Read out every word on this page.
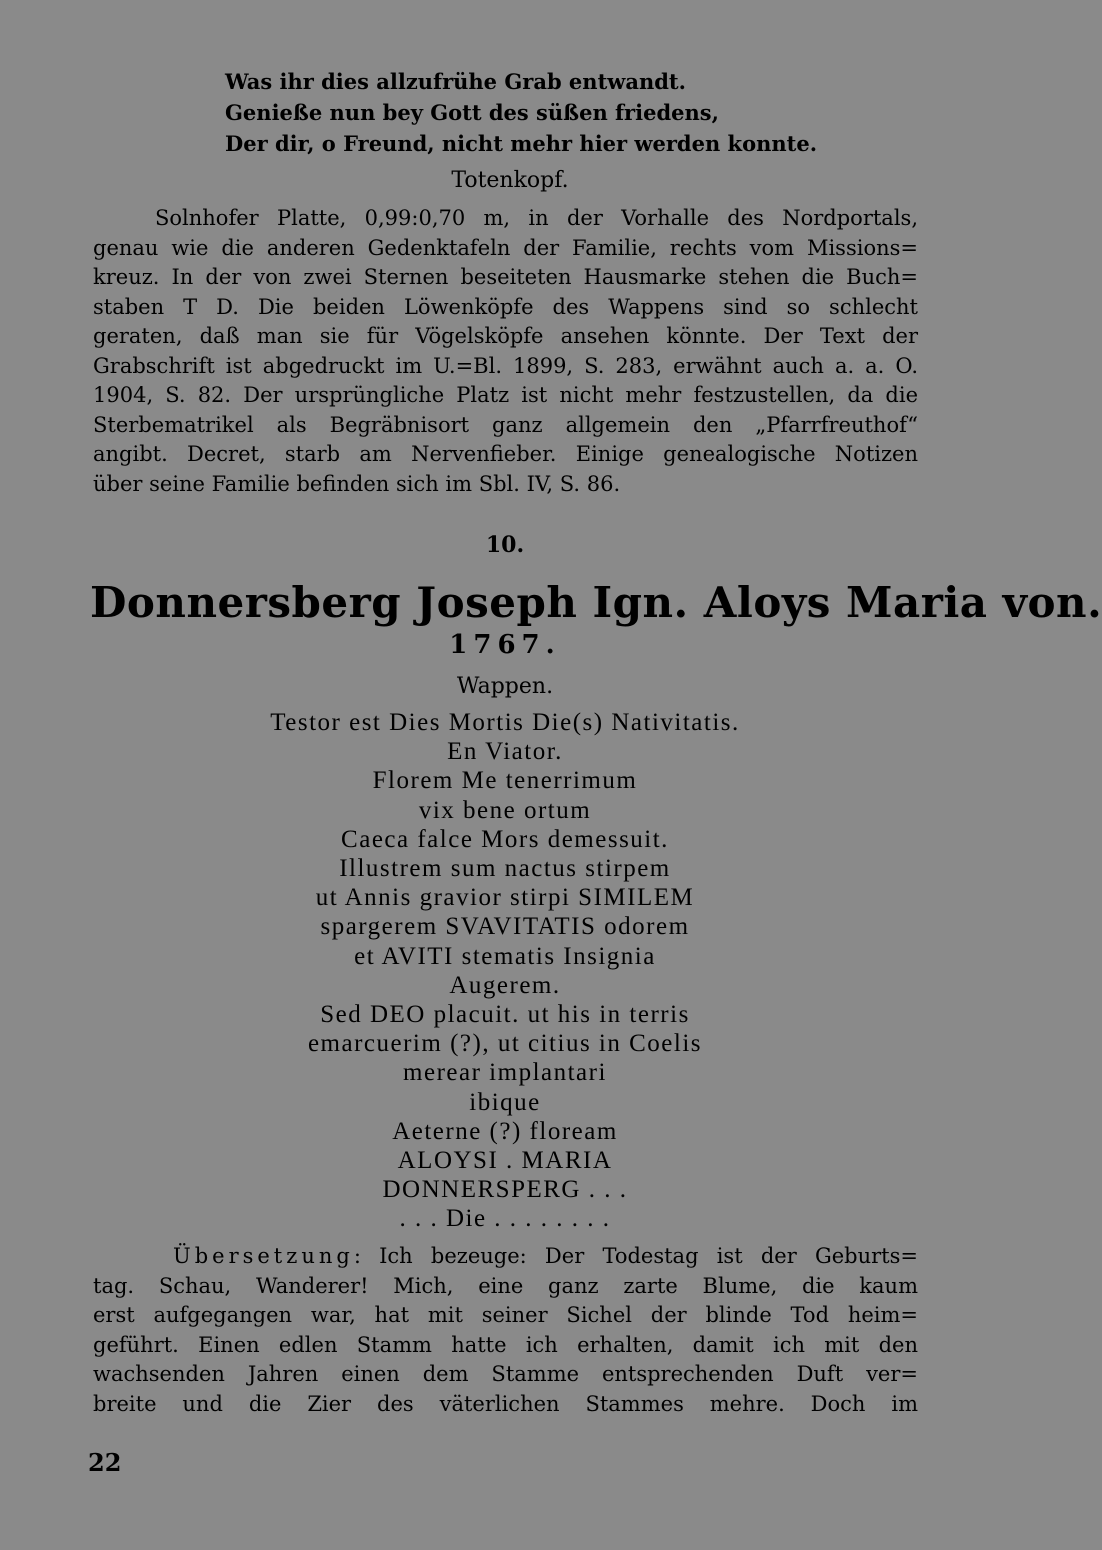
Was ihr dies allzufrühe Grab entwandt.
Genieße nun bey Gott des süßen friedens,
Der dir, o Freund, nicht mehr hier werden konnte.
Totenkopf.
Solnhofer Platte, 0,99:0,70 m, in der Vorhalle des Nordportals,
genau wie die anderen Gedenktafeln der Familie, rechts vom Missions=
kreuz. In der von zwei Sternen beseiteten Hausmarke stehen die Buch=
staben T D. Die beiden Löwenköpfe des Wappens sind so schlecht
geraten, daß man sie für Vögelsköpfe ansehen könnte. Der Text der
Grabschrift ist abgedruckt im U.=Bl. 1899, S. 283, erwähnt auch a. a. O.
1904, S. 82. Der ursprüngliche Platz ist nicht mehr festzustellen, da die
Sterbematrikel als Begräbnisort ganz allgemein den „Pfarrfreuthof“
angibt. Decret, starb am Nervenfieber. Einige genealogische Notizen
über seine Familie befinden sich im Sbl. IV, S. 86.
10.
Donnersberg Joseph Ign. Aloys Maria von.
1767.
Wappen.
Testor est Dies Mortis Die(s) Nativitatis.
En Viator.
Florem Me tenerrimum
vix bene ortum
Caeca falce Mors demessuit.
Illustrem sum nactus stirpem
ut Annis gravior stirpi SIMILEM
spargerem SVAVITATIS odorem
et AVITI stematis Insignia
Augerem.
Sed DEO placuit. ut his in terris
emarcuerim (?), ut citius in Coelis
merear implantari
ibique
Aeterne (?) floream
ALOYSI . MARIA
DONNERSPERG . . .
. . . Die . . . . . . . .
Übersetzung: Ich bezeuge: Der Todestag ist der Geburts=
tag. Schau, Wanderer! Mich, eine ganz zarte Blume, die kaum
erst aufgegangen war, hat mit seiner Sichel der blinde Tod heim=
geführt. Einen edlen Stamm hatte ich erhalten, damit ich mit den
wachsenden Jahren einen dem Stamme entsprechenden Duft ver=
breite und die Zier des väterlichen Stammes mehre. Doch im
22
